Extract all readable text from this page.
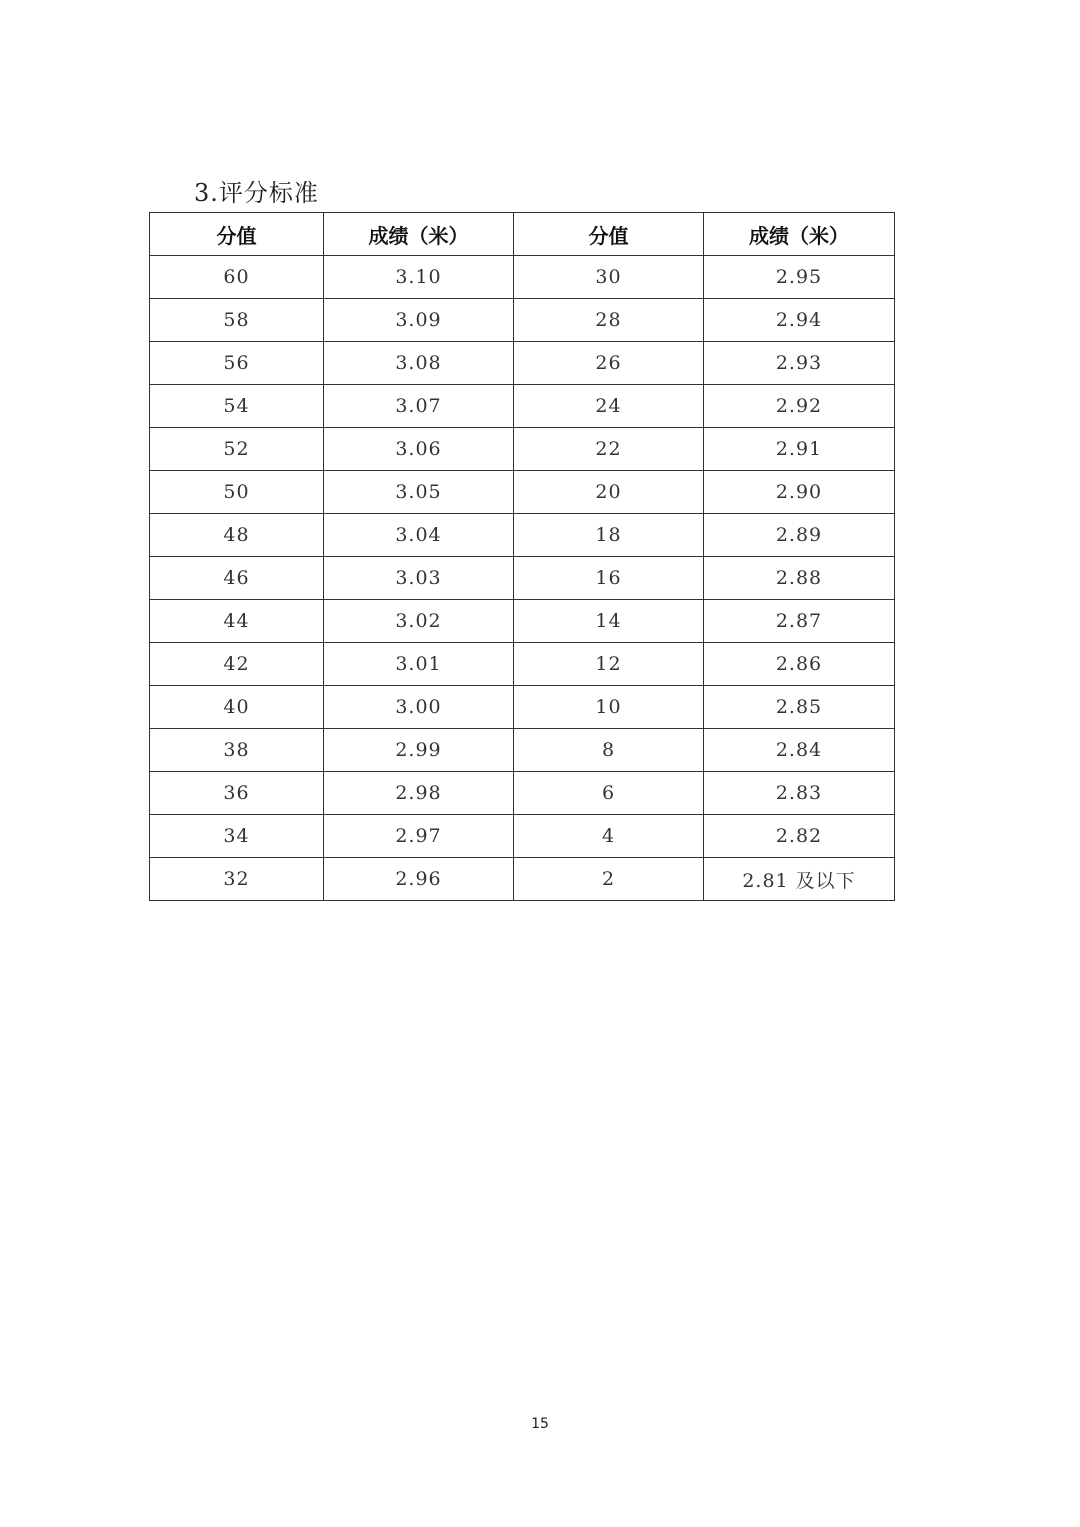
3.评分标准
分值	成绩（米）	分值	成绩（米）
60	3.10	30	2.95
58	3.09	28	2.94
56	3.08	26	2.93
54	3.07	24	2.92
52	3.06	22	2.91
50	3.05	20	2.90
48	3.04	18	2.89
46	3.03	16	2.88
44	3.02	14	2.87
42	3.01	12	2.86
40	3.00	10	2.85
38	2.99	8	2.84
36	2.98	6	2.83
34	2.97	4	2.82
32	2.96	2	2.81 及以下
15
